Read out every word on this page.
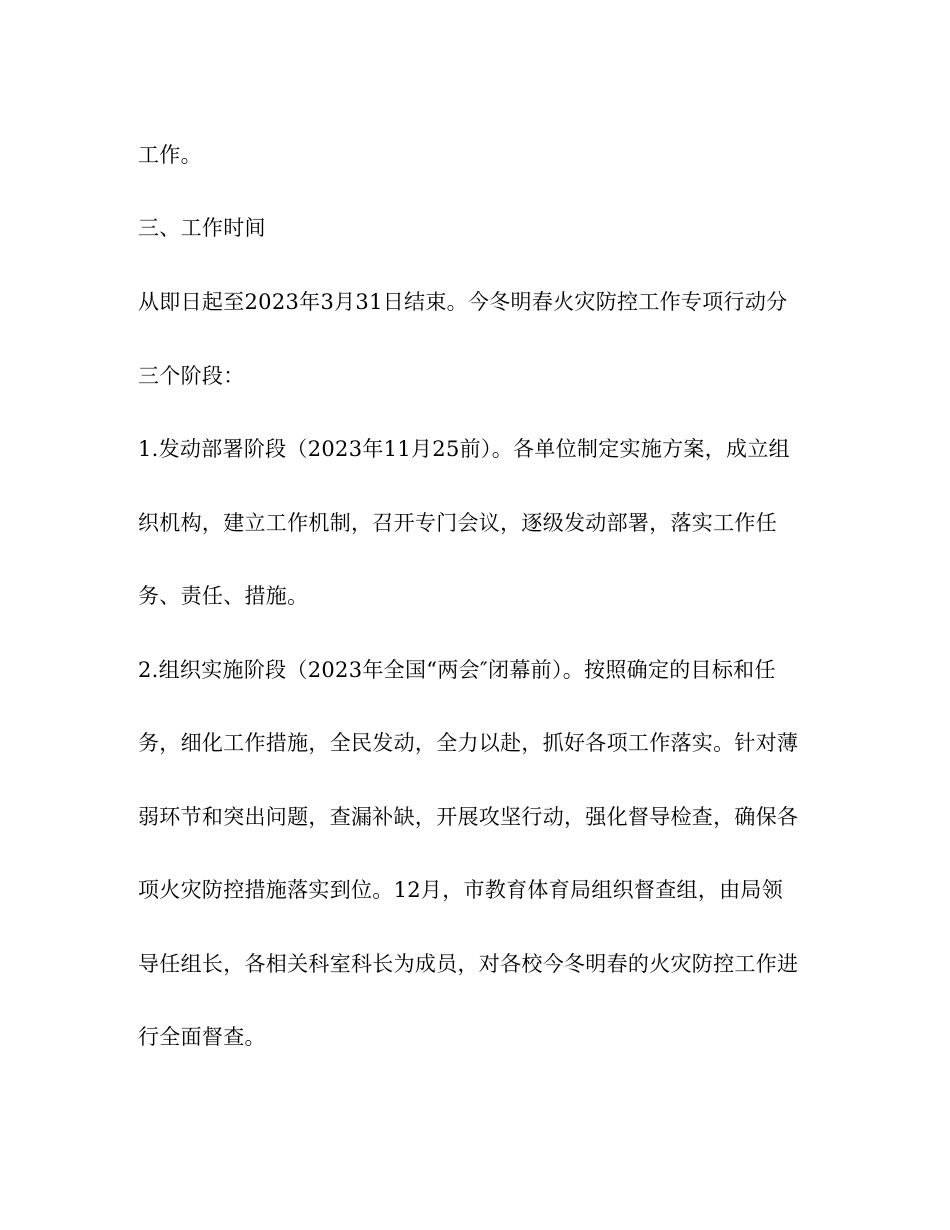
工作。
三、工作时间
从即日起至2023年3月31日结束。今冬明春火灾防控工作专项行动分
三个阶段：
1.发动部署阶段（2023年11月25前）。各单位制定实施方案，成立组
织机构，建立工作机制，召开专门会议，逐级发动部署，落实工作任
务、责任、措施。
2.组织实施阶段（2023年全国“两会″闭幕前）。按照确定的目标和任
务，细化工作措施，全民发动，全力以赴，抓好各项工作落实。针对薄
弱环节和突出问题，查漏补缺，开展攻坚行动，强化督导检查，确保各
项火灾防控措施落实到位。12月，市教育体育局组织督查组，由局领
导任组长，各相关科室科长为成员，对各校今冬明春的火灾防控工作进
行全面督查。
